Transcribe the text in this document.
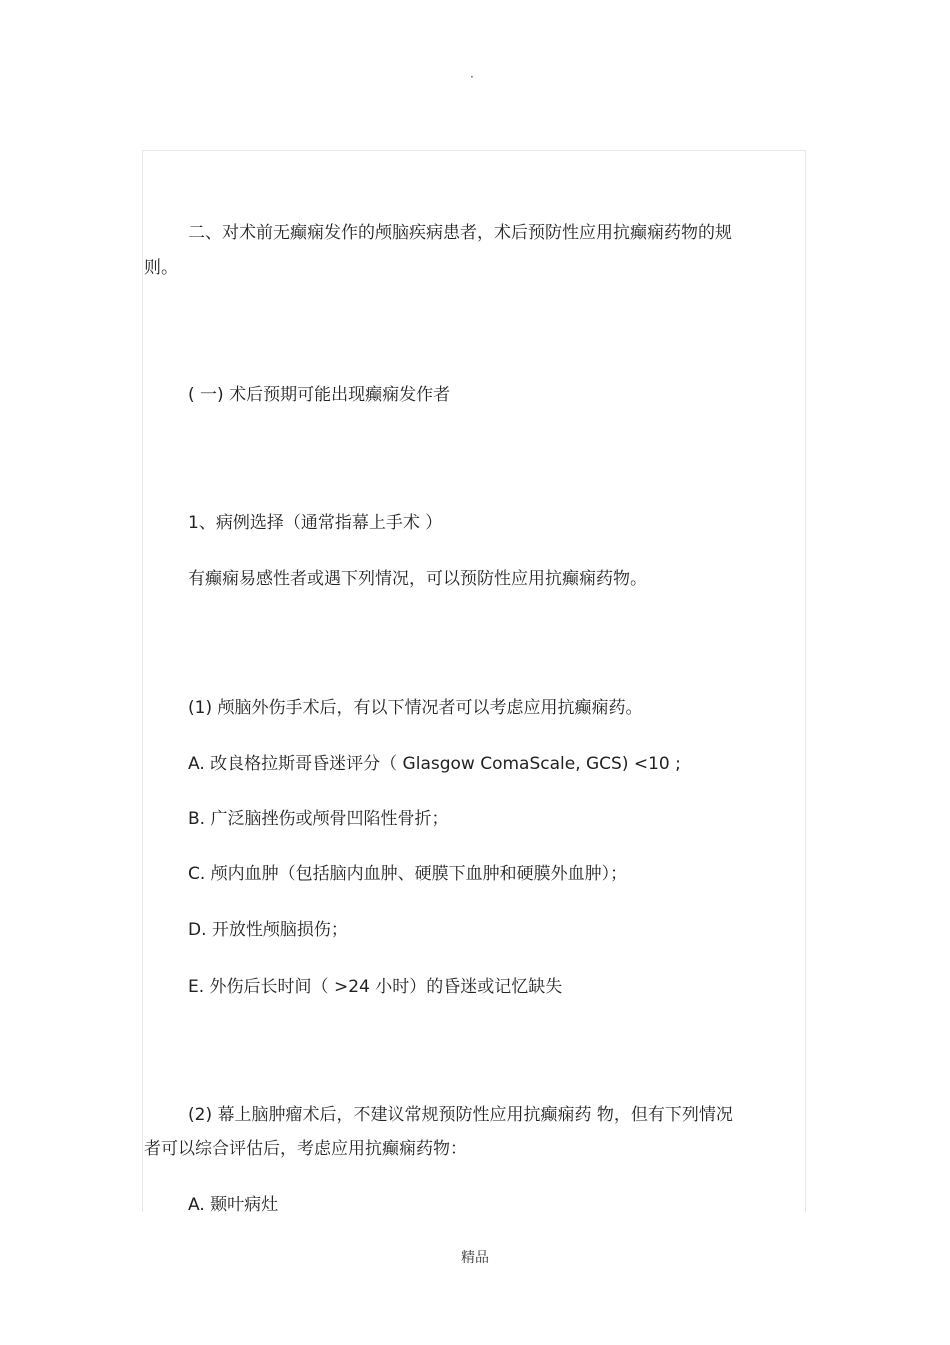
·

二、对术前无癫痫发作的颅脑疾病患者，术后预防性应用抗癫痫药物的规

则。

( 一) 术后预期可能出现癫痫发作者

1、病例选择（通常指幕上手术 ）

有癫痫易感性者或遇下列情况，可以预防性应用抗癫痫药物。

(1) 颅脑外伤手术后，有以下情况者可以考虑应用抗癫痫药。

A. 改良格拉斯哥昏迷评分（ Glasgow ComaScale, GCS) <10 ;

B. 广泛脑挫伤或颅骨凹陷性骨折；

C. 颅内血肿（包括脑内血肿、硬膜下血肿和硬膜外血肿）；

D. 开放性颅脑损伤；

E. 外伤后长时间（ >24 小时）的昏迷或记忆缺失

(2) 幕上脑肿瘤术后，不建议常规预防性应用抗癫痫药 物，但有下列情况

者可以综合评估后，考虑应用抗癫痫药物：

A. 颞叶病灶

精品
